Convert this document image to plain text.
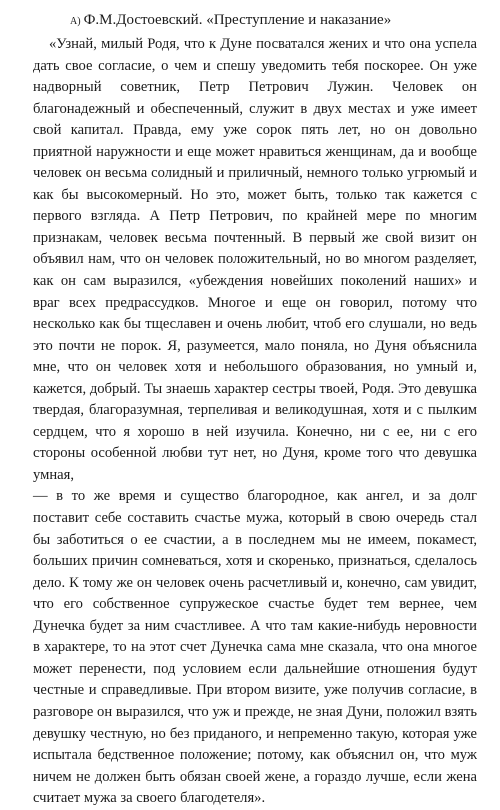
А) Ф.М.Достоевский. «Преступление и наказание»

«Узнай, милый Родя, что к Дуне посватался жених и что она успела дать свое согласие, о чем и спешу уведомить тебя поскорее. Он уже надворный советник, Петр Петрович Лужин. Человек он благонадежный и обеспеченный, служит в двух местах и уже имеет свой капитал. Правда, ему уже сорок пять лет, но он довольно приятной наружности и еще может нравиться женщинам, да и вообще человек он весьма солидный и приличный, немного только угрюмый и как бы высокомерный. Но это, может быть, только так кажется с первого взгляда. А Петр Петрович, по крайней мере по многим признакам, человек весьма почтенный. В первый же свой визит он объявил нам, что он человек положительный, но во многом разделяет, как он сам выразился, «убеждения новейших поколений наших» и враг всех предрассудков. Многое и еще он говорил, потому что несколько как бы тщеславен и очень любит, чтоб его слушали, но ведь это почти не порок. Я, разумеется, мало поняла, но Дуня объяснила мне, что он человек хотя и небольшого образования, но умный и, кажется, добрый. Ты знаешь характер сестры твоей, Родя. Это девушка твердая, благоразумная, терпеливая и великодушная, хотя и с пылким сердцем, что я хорошо в ней изучила. Конечно, ни с ее, ни с его стороны особенной любви тут нет, но Дуня, кроме того что девушка умная,

— в то же время и существо благородное, как ангел, и за долг поставит себе составить счастье мужа, который в свою очередь стал бы заботиться о ее счастии, а в последнем мы не имеем, покамест, больших причин сомневаться, хотя и скоренько, признаться, сделалось дело. К тому же он человек очень расчетливый и, конечно, сам увидит, что его собственное супружеское счастье будет тем вернее, чем Дунечка будет за ним счастливее. А что там какие-нибудь неровности в характере, то на этот счет Дунечка сама мне сказала, что она многое может перенести, под условием если дальнейшие отношения будут честные и справедливые. При втором визите, уже получив согласие, в разговоре он выразился, что уж и прежде, не зная Дуни, положил взять девушку честную, но без приданого, и непременно такую, которая уже испытала бедственное положение; потому, как объяснил он, что муж ничем не должен быть обязан своей жене, а гораздо лучше, если жена считает мужа за своего благодетеля».
